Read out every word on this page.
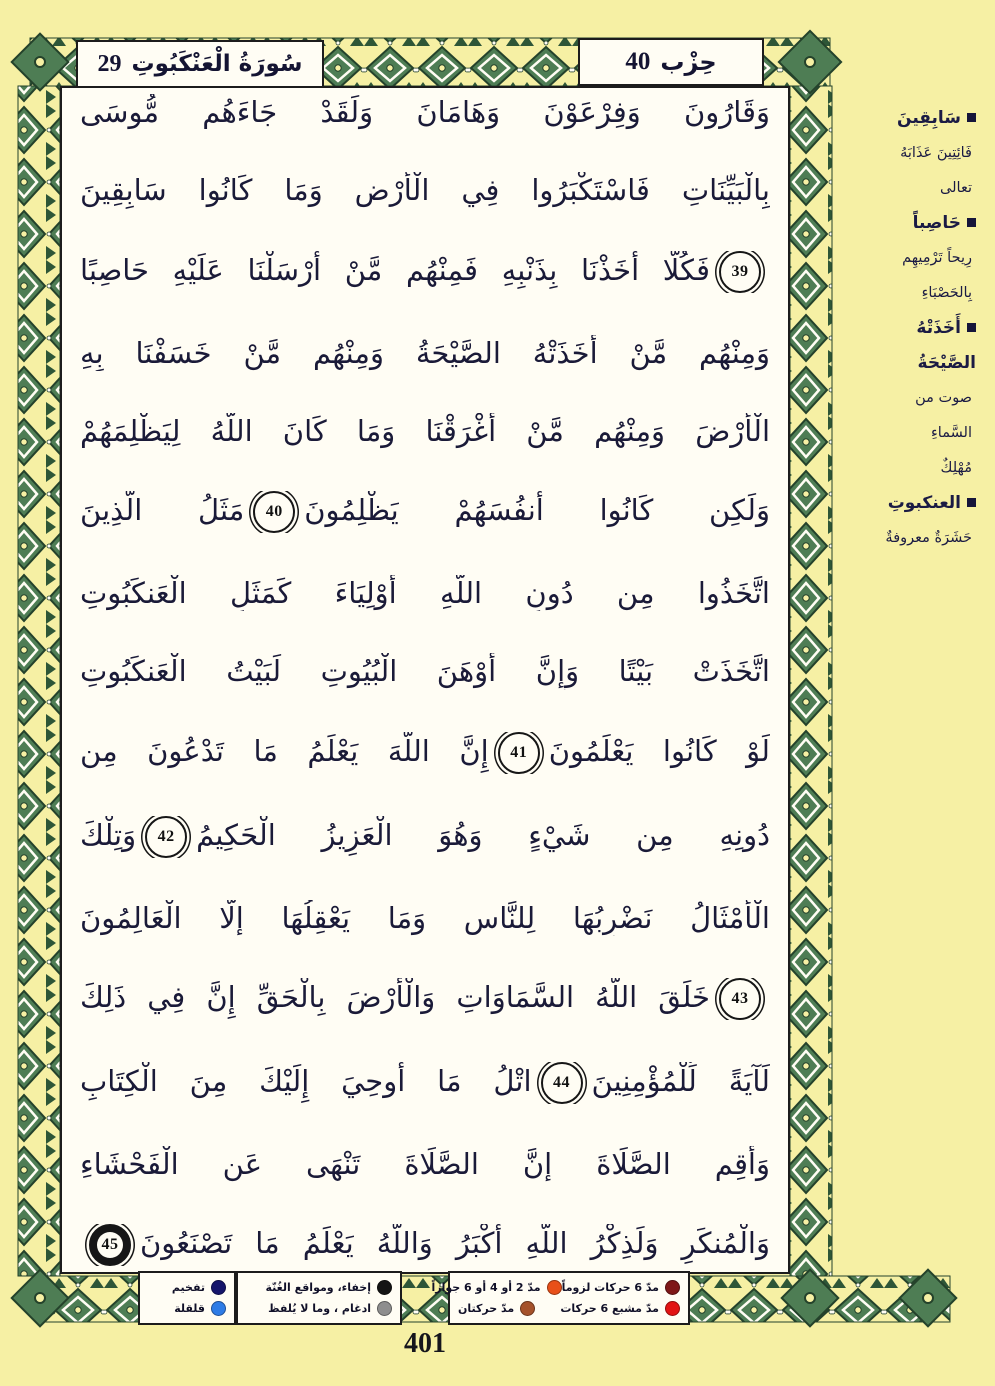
سُورَةُ الْعَنْكَبُوتِ
29	حِزْب
40
وَقَارُونَ وَفِرْعَوْنَ وَهَامَانَ وَلَقَدْ جَاءَهُم مُّوسَى
بِالْبَيِّنَاتِ فَاسْتَكْبَرُوا فِي الْأَرْضِ وَمَا كَانُوا سَابِقِينَ
39
فَكُلًّا أَخَذْنَا بِذَنْبِهِ فَمِنْهُم مَّنْ أَرْسَلْنَا عَلَيْهِ حَاصِبًا
وَمِنْهُم مَّنْ أَخَذَتْهُ الصَّيْحَةُ وَمِنْهُم مَّنْ خَسَفْنَا بِهِ
الْأَرْضَ وَمِنْهُم مَّنْ أَغْرَقْنَا وَمَا كَانَ اللَّهُ لِيَظْلِمَهُمْ
وَلَكِن كَانُوا أَنفُسَهُمْ يَظْلِمُونَ
40
مَثَلُ الَّذِينَ
اتَّخَذُوا مِن دُونِ اللَّهِ أَوْلِيَاءَ كَمَثَلِ الْعَنكَبُوتِ
اتَّخَذَتْ بَيْتًا وَإِنَّ أَوْهَنَ الْبُيُوتِ لَبَيْتُ الْعَنكَبُوتِ
لَوْ كَانُوا يَعْلَمُونَ
41
إِنَّ اللَّهَ يَعْلَمُ مَا تَدْعُونَ مِن
دُونِهِ مِن شَيْءٍ وَهُوَ الْعَزِيزُ الْحَكِيمُ
42
وَتِلْكَ
الْأَمْثَالُ نَضْرِبُهَا لِلنَّاسِ وَمَا يَعْقِلُهَا إِلَّا الْعَالِمُونَ
43
خَلَقَ اللَّهُ السَّمَاوَاتِ وَالْأَرْضَ بِالْحَقِّ إِنَّ فِي ذَلِكَ
لَآيَةً لِّلْمُؤْمِنِينَ
44
اتْلُ مَا أُوحِيَ إِلَيْكَ مِنَ الْكِتَابِ
وَأَقِمِ الصَّلَاةَ إِنَّ الصَّلَاةَ تَنْهَى عَنِ الْفَحْشَاءِ
وَالْمُنكَرِ وَلَذِكْرُ اللَّهِ أَكْبَرُ وَاللَّهُ يَعْلَمُ مَا تَصْنَعُونَ
45
سَابِقِينَ
فَائِتِينَ عَذَابَهُ
تعالى
حَاصِباً
رِيحاً تَرْمِيهِم
بِالحَصْبَاءِ
أَخَذَتْهُ
الصَّيْحَةُ
صوت من
السَّماءِ
مُهْلِكٌ
العنكبوتِ
حَشَرَةٌ معروفةٌ
تفخيم
قلقلة
إخفاء، ومواقع الغُنّة
ادغام ، وما لا يُلفظ
مدّ 6 حركات لزوماً
مدّ 2 أو 4 أو 6 جوازاً
مدّ مشبع 6 حركات
مدّ حركتان
401
